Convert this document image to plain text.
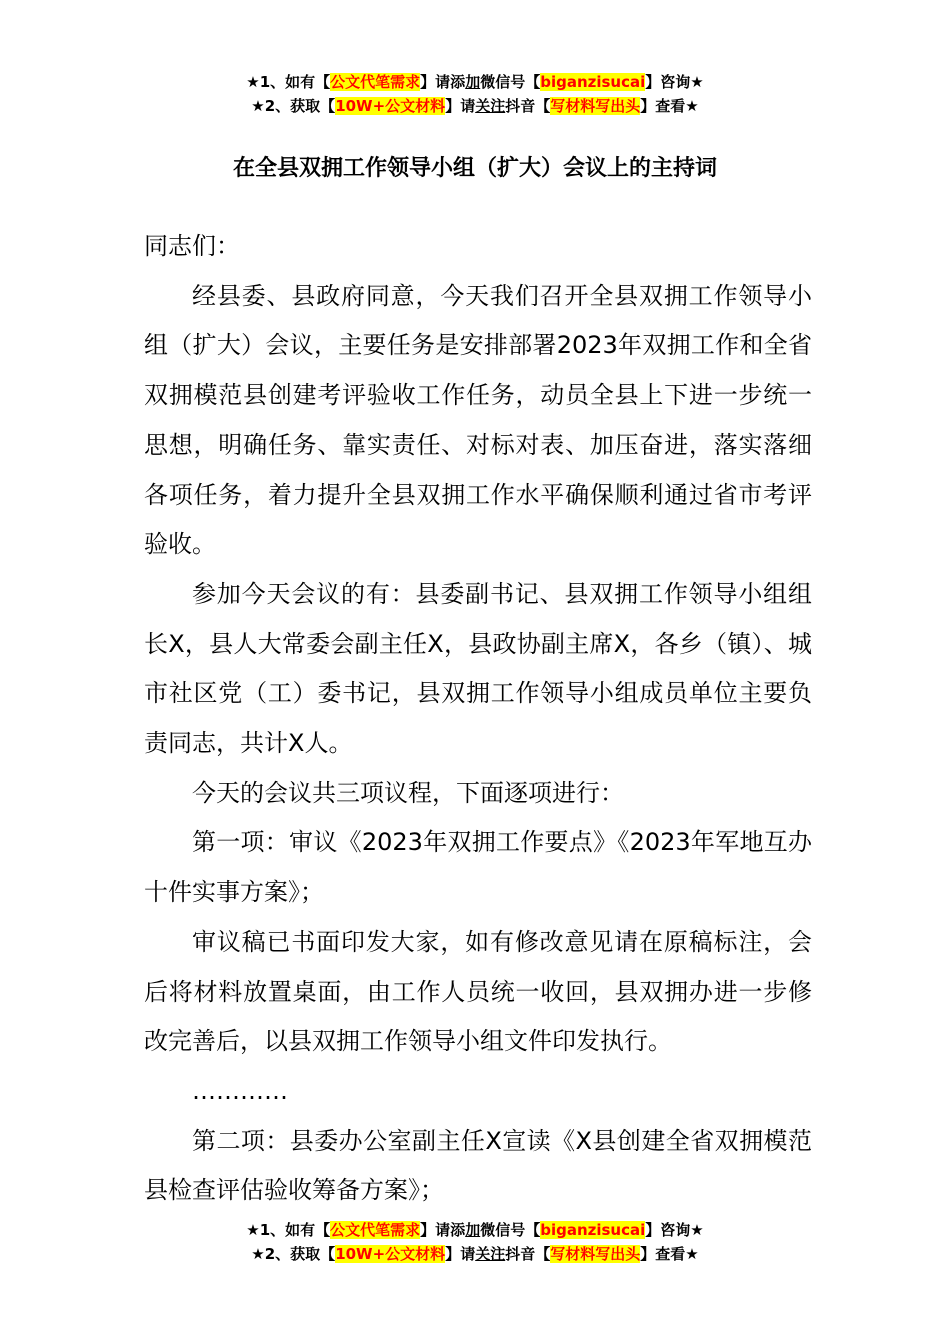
★1、如有【公文代笔需求】请添加微信号【biganzisucai】咨询★
★2、获取【10W+公文材料】请关注抖音【写材料写出头】查看★
在全县双拥工作领导小组（扩大）会议上的主持词

同志们：

经县委、县政府同意，今天我们召开全县双拥工作领导小组（扩大）会议，主要任务是安排部署2023年双拥工作和全省双拥模范县创建考评验收工作任务，动员全县上下进一步统一思想，明确任务、靠实责任、对标对表、加压奋进，落实落细各项任务，着力提升全县双拥工作水平确保顺利通过省市考评验收。

参加今天会议的有：县委副书记、县双拥工作领导小组组长X，县人大常委会副主任X，县政协副主席X，各乡（镇）、城市社区党（工）委书记，县双拥工作领导小组成员单位主要负责同志，共计X人。

今天的会议共三项议程，下面逐项进行：

第一项：审议《2023年双拥工作要点》《2023年军地互办十件实事方案》；

审议稿已书面印发大家，如有修改意见请在原稿标注，会后将材料放置桌面，由工作人员统一收回，县双拥办进一步修改完善后，以县双拥工作领导小组文件印发执行。

…………

第二项：县委办公室副主任X宣读《X县创建全省双拥模范县检查评估验收筹备方案》；

★1、如有【公文代笔需求】请添加微信号【biganzisucai】咨询★
★2、获取【10W+公文材料】请关注抖音【写材料写出头】查看★
